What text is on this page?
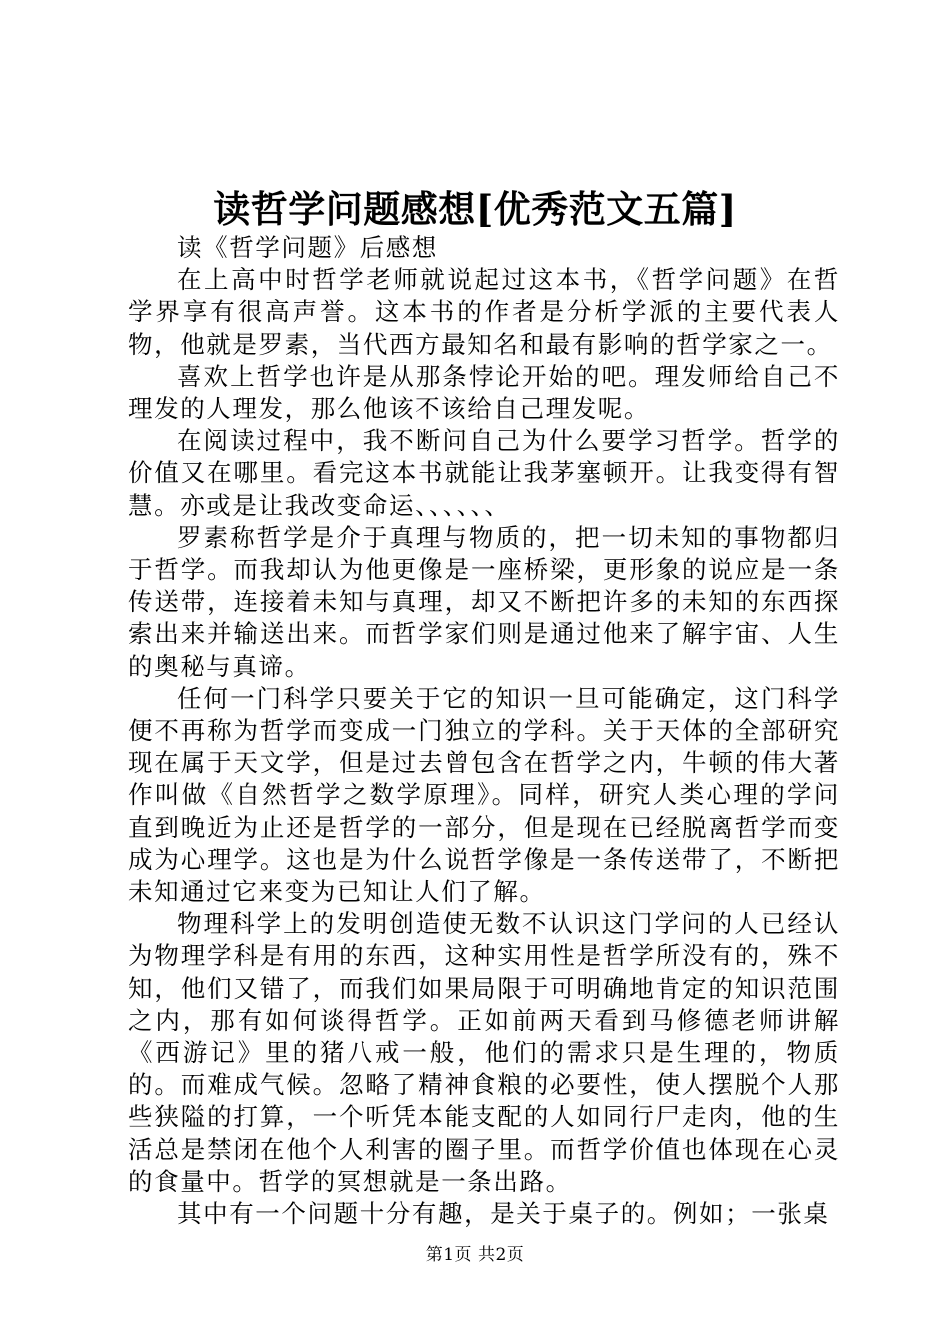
读哲学问题感想[优秀范文五篇]

读《哲学问题》后感想

在上高中时哲学老师就说起过这本书，《哲学问题》在哲学界享有很高声誉。这本书的作者是分析学派的主要代表人物，他就是罗素，当代西方最知名和最有影响的哲学家之一。

喜欢上哲学也许是从那条悖论开始的吧。理发师给自己不理发的人理发，那么他该不该给自己理发呢。

在阅读过程中，我不断问自己为什么要学习哲学。哲学的价值又在哪里。看完这本书就能让我茅塞顿开。让我变得有智慧。亦或是让我改变命运、、、、、、

罗素称哲学是介于真理与物质的，把一切未知的事物都归于哲学。而我却认为他更像是一座桥梁，更形象的说应是一条传送带，连接着未知与真理，却又不断把许多的未知的东西探索出来并输送出来。而哲学家们则是通过他来了解宇宙、人生的奥秘与真谛。

任何一门科学只要关于它的知识一旦可能确定，这门科学便不再称为哲学而变成一门独立的学科。关于天体的全部研究现在属于天文学，但是过去曾包含在哲学之内，牛顿的伟大著作叫做《自然哲学之数学原理》。同样，研究人类心理的学问直到晚近为止还是哲学的一部分，但是现在已经脱离哲学而变成为心理学。这也是为什么说哲学像是一条传送带了，不断把未知通过它来变为已知让人们了解。

物理科学上的发明创造使无数不认识这门学问的人已经认为物理学科是有用的东西，这种实用性是哲学所没有的，殊不知，他们又错了，而我们如果局限于可明确地肯定的知识范围之内，那有如何谈得哲学。正如前两天看到马修德老师讲解《西游记》里的猪八戒一般，他们的需求只是生理的，物质的。而难成气候。忽略了精神食粮的必要性，使人摆脱个人那些狭隘的打算，一个听凭本能支配的人如同行尸走肉，他的生活总是禁闭在他个人利害的圈子里。而哲学价值也体现在心灵的食量中。哲学的冥想就是一条出路。

其中有一个问题十分有趣，是关于桌子的。例如；一张桌

第1页 共2页
